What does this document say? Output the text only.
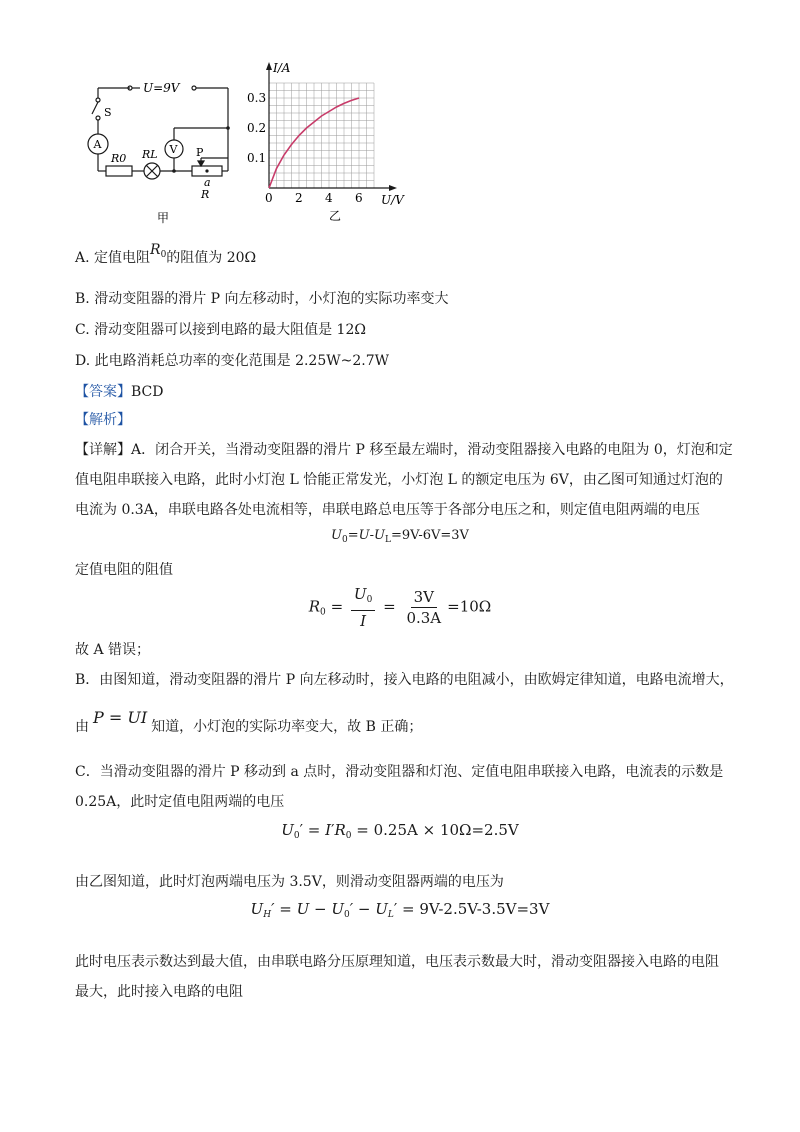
U=9V
S
A	V
R0 RL	P
a
R
甲
0 2 4 6
0.1
0.2
0.3
I/A
U/V
乙
A. 定值电阻$R_0$的阻值为 20Ω
B. 滑动变阻器的滑片 P 向左移动时，小灯泡的实际功率变大
C. 滑动变阻器可以接到电路的最大阻值是 12Ω
D. 此电路消耗总功率的变化范围是 2.25W~2.7W
【答案】BCD
【解析】
【详解】A．闭合开关，当滑动变阻器的滑片 P 移至最左端时，滑动变阻器接入电路的电阻为 0，灯泡和定
值电阻串联接入电路，此时小灯泡 L 恰能正常发光，小灯泡 L 的额定电压为 6V，由乙图可知通过灯泡的
电流为 0.3A，串联电路各处电流相等，串联电路总电压等于各部分电压之和，则定值电阻两端的电压
$U_0=U-U_L=9V-6V=3V$
定值电阻的阻值
$R_0 = \frac{U_0}{I} = \frac{3V}{0.3A} =10\Omega$
故 A 错误；
B．由图知道，滑动变阻器的滑片 P 向左移动时，接入电路的电阻减小，由欧姆定律知道，电路电流增大，
由 P = UI 知道，小灯泡的实际功率变大，故 B 正确；
C．当滑动变阻器的滑片 P 移动到 a 点时，滑动变阻器和灯泡、定值电阻串联接入电路，电流表的示数是
0.25A，此时定值电阻两端的电压
$U_0' = I'R_0 = 0.25A \times 10\Omega=2.5V$
由乙图知道，此时灯泡两端电压为 3.5V，则滑动变阻器两端的电压为
$U_H' = U - U_0' - U_L' = 9V-2.5V-3.5V=3V$
此时电压表示数达到最大值，由串联电路分压原理知道，电压表示数最大时，滑动变阻器接入电路的电阻
最大，此时接入电路的电阻
